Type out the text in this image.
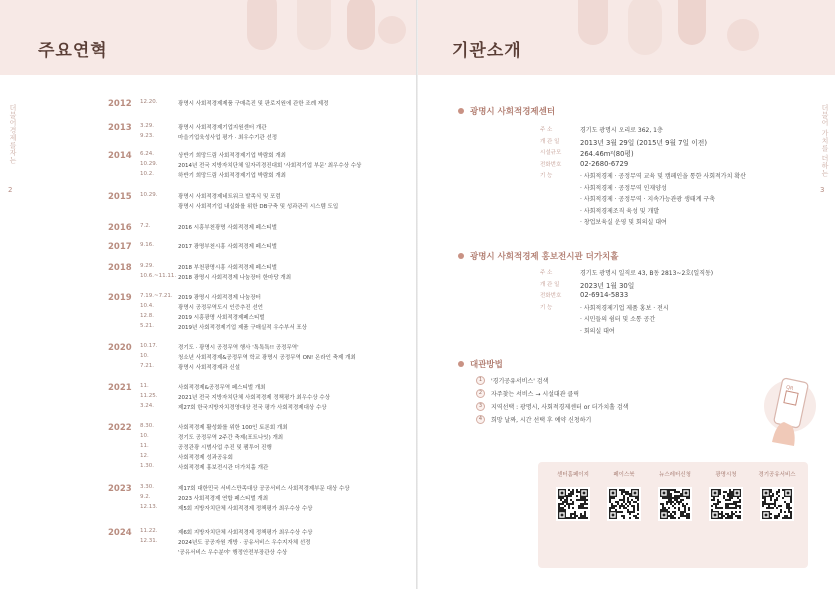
주요연혁
더불어경제를자는
2
2012 12.20.	광명시 사회적경제제품 구매촉진 및 판로지원에 관한 조례 제정
2013 3.29.	광명시 사회적경제기업지원센터 개관
9.23.	마을기업육성사업 평가 · 최우수기관 선정
2014 6.24.	상반기 희망드림 사회적경제기업 박람회 개최
10.29.	2014년 전국 지방자치단체 일자리경진대회 '사회적기업 부문' 최우수상 수상
10.2.	하반기 희망드림 사회적경제기업 박람회 개최
2015 10.29.	광명시 사회적경제네트워크 발족식 및 포럼
광명시 사회적기업 내실화를 위한 DB구축 및 성과관리 시스템 도입
2016 7.2.	2016 시흥부천광명 사회적경제 페스티벌
2017 9.16.	2017 광명부천시흥 사회적경제 페스티벌
2018 9.29.	2018 부천광명시흥 사회적경제 페스티벌
10.6.~11.11. 2018 광명시 사회적경제 나눔장터 한마당 개최
2019 7.19.~7.21. 2019 광명시 사회적경제 나눔장터
10.4.	광명시 공정무역도시 인증추진 선언
12.8.	2019 시흥광명 사회적경제페스티벌
5.21.	2019년 사회적경제기업 제품 구매실적 우수부서 포상
2020 10.17.	경기도 · 광명시 공정무역 행사 '톡톡톡!! 공정무역'
10.	청소년 사회적경제&공정무역 학교 광명시 공정무역 ON! 온라인 축제 개최
7.21.	광명시 사회적경제과 신설
2021 11.	사회적경제&공정무역 페스티벌 개최
11.25.	2021년 전국 지방자치단체 사회적경제 정책평가 최우수상 수상
3.24.	제27회 한국지방자치경영대상 전국 평가 사회적경제대상 수상
2022 8.30.	사회적경제 활성화를 위한 100인 토론회 개최
10.	경기도 공정무역 2주간 축제(포트나잇) 개최
11.	공정관광 시범사업 추진 및 팸투어 진행
12.	사회적경제 성과공유회
1.30.	사회적경제 홍보전시관 더가치홀 개관
2023 3.30.	제17회 대한민국 서비스만족대상 공공서비스 사회적경제부문 대상 수상
9.2.	2023 사회적경제 연합 페스티벌 개최
12.13.	제5회 지방자치단체 사회적경제 정책평가 최우수상 수상
2024 11.22.	제6회 지방자치단체 사회적경제 정책평가 최우수상 수상
12.31.	2024년도 공공자원 개방 · 공유서비스 우수지자체 선정
'공유서비스 우수분야' 행정안전부장관상 수상
기관소개
더불어 가치를 더하는
3
광명시 사회적경제센터
주 소	경기도 광명시 오리로 362, 1층
개 관 일	2013년 3월 29일 (2015년 9월 7일 이전)
시설규모	264.46m²(80평)
전화번호	02-2680-6729
기 능	· 사회적경제 · 공정무역 교육 및 캠페인을 통한 사회적가치 확산
· 사회적경제 · 공정무역 인재양성
· 사회적경제 · 공정무역 · 지속가능관광 생태계 구축
· 사회적경제조직 육성 및 개발
· 창업보육실 운영 및 회의실 대여
광명시 사회적경제 홍보전시관 더가치홀
주 소	경기도 광명시 일직로 43, B동 2813~2호(일직동)
개 관 일	2023년 1월 30일
전화번호	02-6914-5833
기 능	· 사회적경제기업 제품 홍보 · 전시
· 시민들의 쉼터 및 소통 공간
· 회의실 대여
대관방법
1	'경기공유서비스' 검색
2	자주찾는 서비스 → 시설대관 클릭
3	지역선택 : 광명시, 사회적경제센터 or 더가치홀 검색
4	희망 날짜, 시간 선택 후 예약 신청하기
QR
센터홈페이지	페이스북	뉴스레터신청	광명시청	경기공유서비스
